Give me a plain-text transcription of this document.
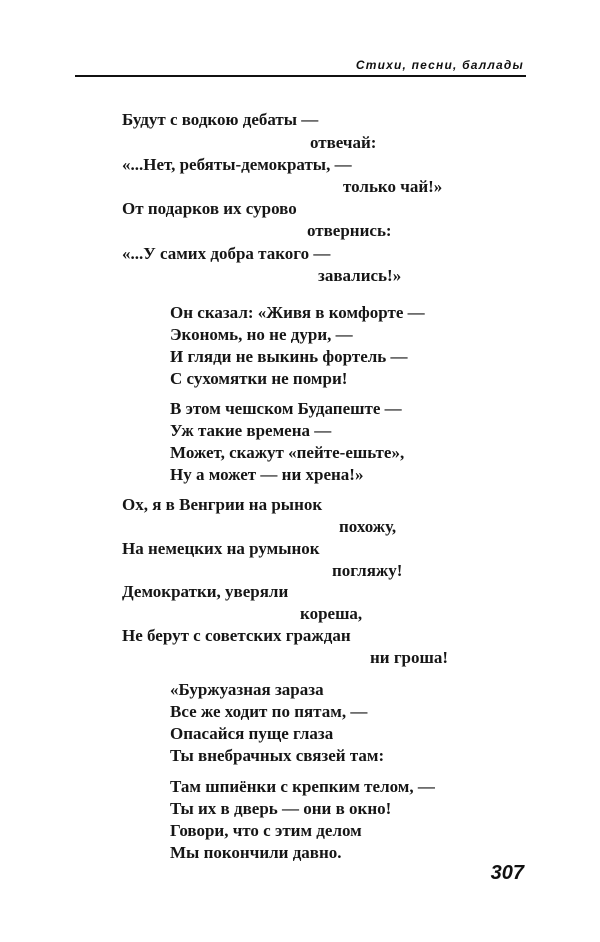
Стихи, песни, баллады
Будут с водкою дебаты —
отвечай:
«...Нет, ребяты-демократы, —
только чай!»
От подарков их сурово
отвернись:
«...У самих добра такого —
завались!»
Он сказал: «Живя в комфорте —
Экономь, но не дури, —
И гляди не выкинь фортель —
С сухомятки не помри!
В этом чешском Будапеште —
Уж такие времена —
Может, скажут «пейте-ешьте»,
Ну а может — ни хрена!»
Ох, я в Венгрии на рынок
похожу,
На немецких на румынок
погляжу!
Демократки, уверяли
кореша,
Не берут с советских граждан
ни гроша!
«Буржуазная зараза
Все же ходит по пятам, —
Опасайся пуще глаза
Ты внебрачных связей там:
Там шпиёнки с крепким телом, —
Ты их в дверь — они в окно!
Говори, что с этим делом
Мы покончили давно.
307
